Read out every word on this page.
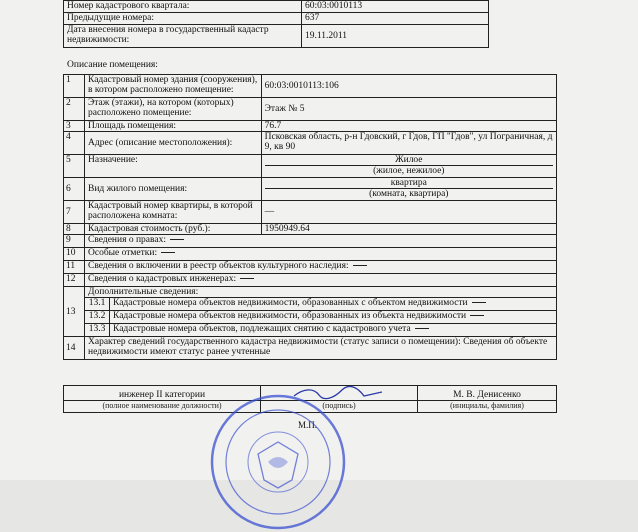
Номер кадастрового квартала:	60:03:0010113
Предыдущие номера:	637
Дата внесения номера в государственный кадастр недвижимости:	19.11.2011
Описание помещения:
1	Кадастровый номер здания (сооружения), в котором расположено помещение:		60:03:0010113:106
2	Этаж (этажи), на котором (которых) расположено помещение:		Этаж № 5
3	Площадь помещения:		76.7
4	Адрес (описание местоположения):		Псковская область, р-н Гдовский, г Гдов, ГП "Гдов", ул Пограничная, д 9, кв 90
5	Назначение:		Жилое
(жилое, нежилое)

6	Вид жилого помещения:		квартира
(комната, квартира)

7	Кадастровый номер квартиры, в которой расположена комната:		—
8	Кадастровая стоимость (руб.):		1950949.64
9	Сведения о правах:		
10	Особые отметки:		
11	Сведения о включении в реестр объектов культурного наследия:		
12	Сведения о кадастровых инженерах:		
13	Дополнительные сведения:		
	13.1	Кадастровые номера объектов недвижимости, образованных с объектом недвижимости	
	13.2	Кадастровые номера объектов недвижимости, образованных из объекта недвижимости	
	13.3	Кадастровые номера объектов, подлежащих снятию с кадастрового учета	
14	Характер сведений государственного кадастра недвижимости (статус записи о помещении): Сведения об объекте недвижимости имеют статус ранее учтенные		
инженер II категории		М. В. Денисенко
(полное наименование должности)	(подпись)	(инициалы, фамилия)
М.П.
